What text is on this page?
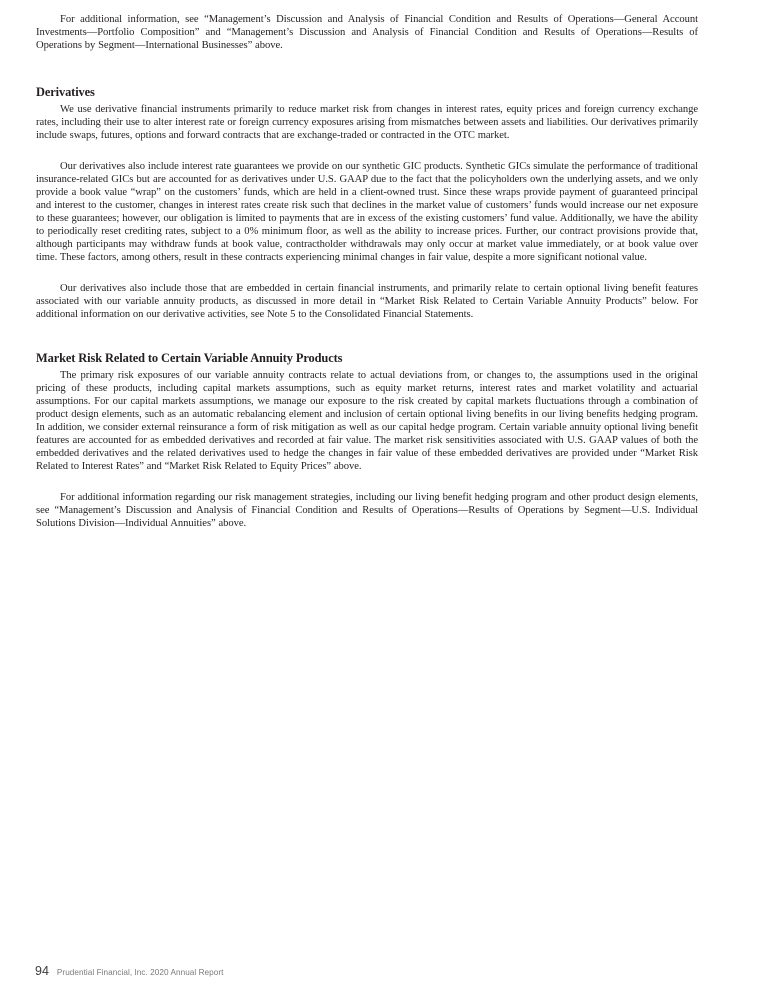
For additional information, see “Management’s Discussion and Analysis of Financial Condition and Results of Operations—General Account Investments—Portfolio Composition” and “Management’s Discussion and Analysis of Financial Condition and Results of Operations—Results of Operations by Segment—International Businesses” above.

Derivatives

We use derivative financial instruments primarily to reduce market risk from changes in interest rates, equity prices and foreign currency exchange rates, including their use to alter interest rate or foreign currency exposures arising from mismatches between assets and liabilities. Our derivatives primarily include swaps, futures, options and forward contracts that are exchange-traded or contracted in the OTC market.

Our derivatives also include interest rate guarantees we provide on our synthetic GIC products. Synthetic GICs simulate the performance of traditional insurance-related GICs but are accounted for as derivatives under U.S. GAAP due to the fact that the policyholders own the underlying assets, and we only provide a book value “wrap” on the customers’ funds, which are held in a client-owned trust. Since these wraps provide payment of guaranteed principal and interest to the customer, changes in interest rates create risk such that declines in the market value of customers’ funds would increase our net exposure to these guarantees; however, our obligation is limited to payments that are in excess of the existing customers’ fund value. Additionally, we have the ability to periodically reset crediting rates, subject to a 0% minimum floor, as well as the ability to increase prices. Further, our contract provisions provide that, although participants may withdraw funds at book value, contractholder withdrawals may only occur at market value immediately, or at book value over time. These factors, among others, result in these contracts experiencing minimal changes in fair value, despite a more significant notional value.

Our derivatives also include those that are embedded in certain financial instruments, and primarily relate to certain optional living benefit features associated with our variable annuity products, as discussed in more detail in “Market Risk Related to Certain Variable Annuity Products” below. For additional information on our derivative activities, see Note 5 to the Consolidated Financial Statements.

Market Risk Related to Certain Variable Annuity Products

The primary risk exposures of our variable annuity contracts relate to actual deviations from, or changes to, the assumptions used in the original pricing of these products, including capital markets assumptions, such as equity market returns, interest rates and market volatility and actuarial assumptions. For our capital markets assumptions, we manage our exposure to the risk created by capital markets fluctuations through a combination of product design elements, such as an automatic rebalancing element and inclusion of certain optional living benefits in our living benefits hedging program. In addition, we consider external reinsurance a form of risk mitigation as well as our capital hedge program. Certain variable annuity optional living benefit features are accounted for as embedded derivatives and recorded at fair value. The market risk sensitivities associated with U.S. GAAP values of both the embedded derivatives and the related derivatives used to hedge the changes in fair value of these embedded derivatives are provided under “Market Risk Related to Interest Rates” and “Market Risk Related to Equity Prices” above.

For additional information regarding our risk management strategies, including our living benefit hedging program and other product design elements, see “Management’s Discussion and Analysis of Financial Condition and Results of Operations—Results of Operations by Segment—U.S. Individual Solutions Division—Individual Annuities” above.

94 Prudential Financial, Inc. 2020 Annual Report
